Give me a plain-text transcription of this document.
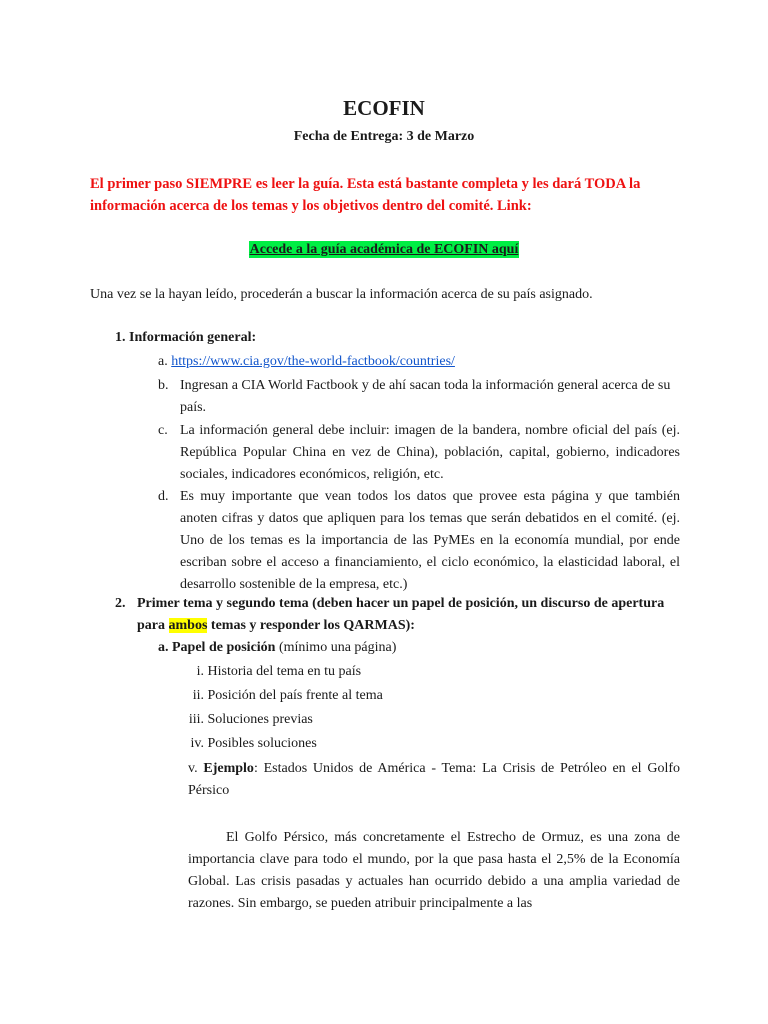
ECOFIN
Fecha de Entrega: 3 de Marzo

El primer paso SIEMPRE es leer la guía. Esta está bastante completa y les dará TODA la información acerca de los temas y los objetivos dentro del comité. Link:

Accede a la guía académica de ECOFIN aquí

Una vez se la hayan leído, procederán a buscar la información acerca de su país asignado.

1. Información general:
a. https://www.cia.gov/the-world-factbook/countries/
b. Ingresan a CIA World Factbook y de ahí sacan toda la información general acerca de su país.
c. La información general debe incluir: imagen de la bandera, nombre oficial del país (ej. República Popular China en vez de China), población, capital, gobierno, indicadores sociales, indicadores económicos, religión, etc.
d. Es muy importante que vean todos los datos que provee esta página y que también anoten cifras y datos que apliquen para los temas que serán debatidos en el comité. (ej. Uno de los temas es la importancia de las PyMEs en la economía mundial, por ende escriban sobre el acceso a financiamiento, el ciclo económico, la elasticidad laboral, el desarrollo sostenible de la empresa, etc.)
2. Primer tema y segundo tema (deben hacer un papel de posición, un discurso de apertura para ambos temas y responder los QARMAS):
a. Papel de posición (mínimo una página)
i. Historia del tema en tu país
ii. Posición del país frente al tema
iii. Soluciones previas
iv. Posibles soluciones
v. Ejemplo: Estados Unidos de América - Tema: La Crisis de Petróleo en el Golfo Pérsico

El Golfo Pérsico, más concretamente el Estrecho de Ormuz, es una zona de importancia clave para todo el mundo, por la que pasa hasta el 2,5% de la Economía Global. Las crisis pasadas y actuales han ocurrido debido a una amplia variedad de razones. Sin embargo, se pueden atribuir principalmente a las
